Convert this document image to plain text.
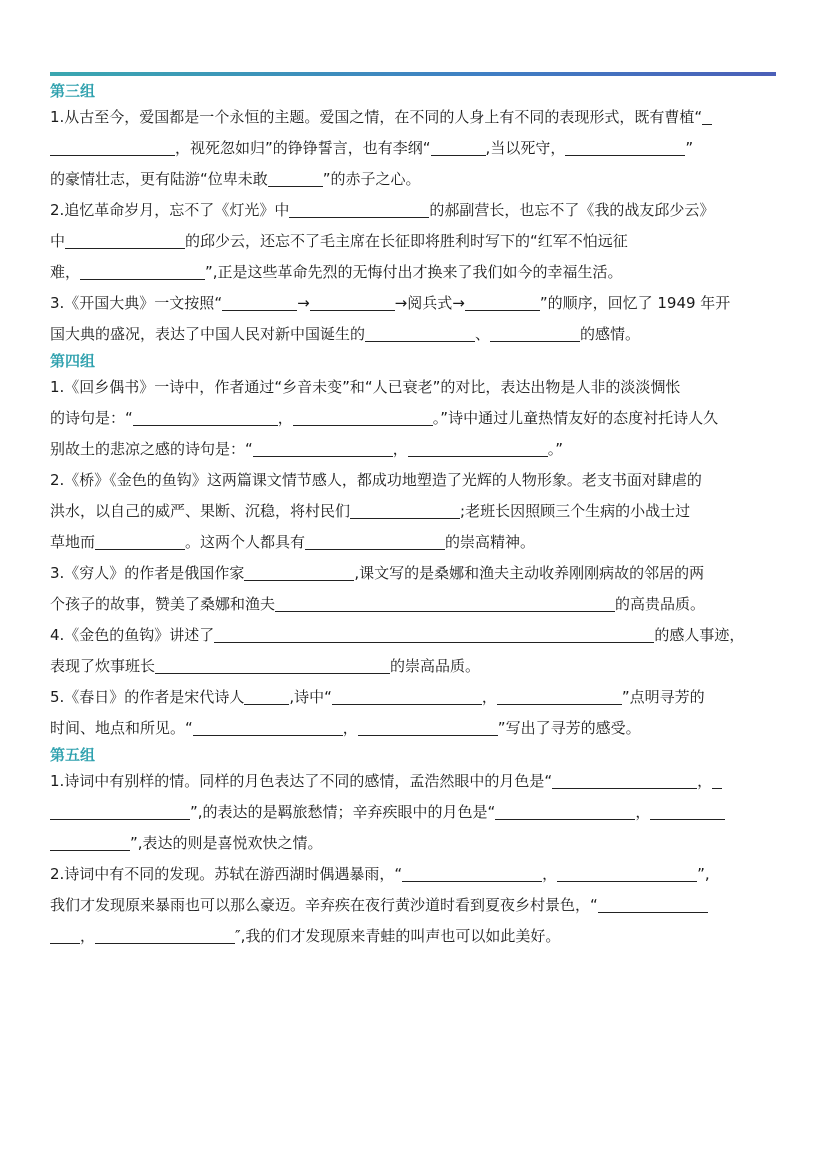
第三组

1.从古至今，爱国都是一个永恒的主题。爱国之情，在不同的人身上有不同的表现形式，既有曹植“
，视死忽如归”的铮铮誓言，也有李纲“	,当以死守，	”
的豪情壮志，更有陆游“位卑未敢	”的赤子之心。

2.追忆革命岁月，忘不了《灯光》中	的郝副营长，也忘不了《我的战友邱少云》
中	的邱少云，还忘不了毛主席在长征即将胜利时写下的“红军不怕远征
难，	”,正是这些革命先烈的无悔付出才换来了我们如今的幸福生活。

3.《开国大典》一文按照“	→	→阅兵式→	”的顺序，回忆了 1949 年开
国大典的盛况，表达了中国人民对新中国诞生的	、	的感情。

第四组

1.《回乡偶书》一诗中，作者通过“乡音未变”和“人已衰老”的对比，表达出物是人非的淡淡惆怅
的诗句是：“	，	。”诗中通过儿童热情友好的态度衬托诗人久
别故土的悲凉之感的诗句是：“	，	。”

2.《桥》《金色的鱼钩》这两篇课文情节感人，都成功地塑造了光辉的人物形象。老支书面对肆虐的
洪水，以自己的威严、果断、沉稳，将村民们	;老班长因照顾三个生病的小战士过
草地而	。这两个人都具有	的崇高精神。

3.《穷人》的作者是俄国作家	,课文写的是桑娜和渔夫主动收养刚刚病故的邻居的两
个孩子的故事，赞美了桑娜和渔夫	的高贵品质。

4.《金色的鱼钩》讲述了	的感人事迹，
表现了炊事班长	的崇高品质。

5.《春日》的作者是宋代诗人	,诗中“	，	”点明寻芳的
时间、地点和所见。“	，	”写出了寻芳的感受。

第五组

1.诗词中有别样的情。同样的月色表达了不同的感情，孟浩然眼中的月色是“	，
”,的表达的是羁旅愁情；辛弃疾眼中的月色是“	，
”,表达的则是喜悦欢快之情。

2.诗词中有不同的发现。苏轼在游西湖时偶遇暴雨，“	，	”,
我们才发现原来暴雨也可以那么豪迈。辛弃疾在夜行黄沙道时看到夏夜乡村景色，“
，	″,我的们才发现原来青蛙的叫声也可以如此美好。
